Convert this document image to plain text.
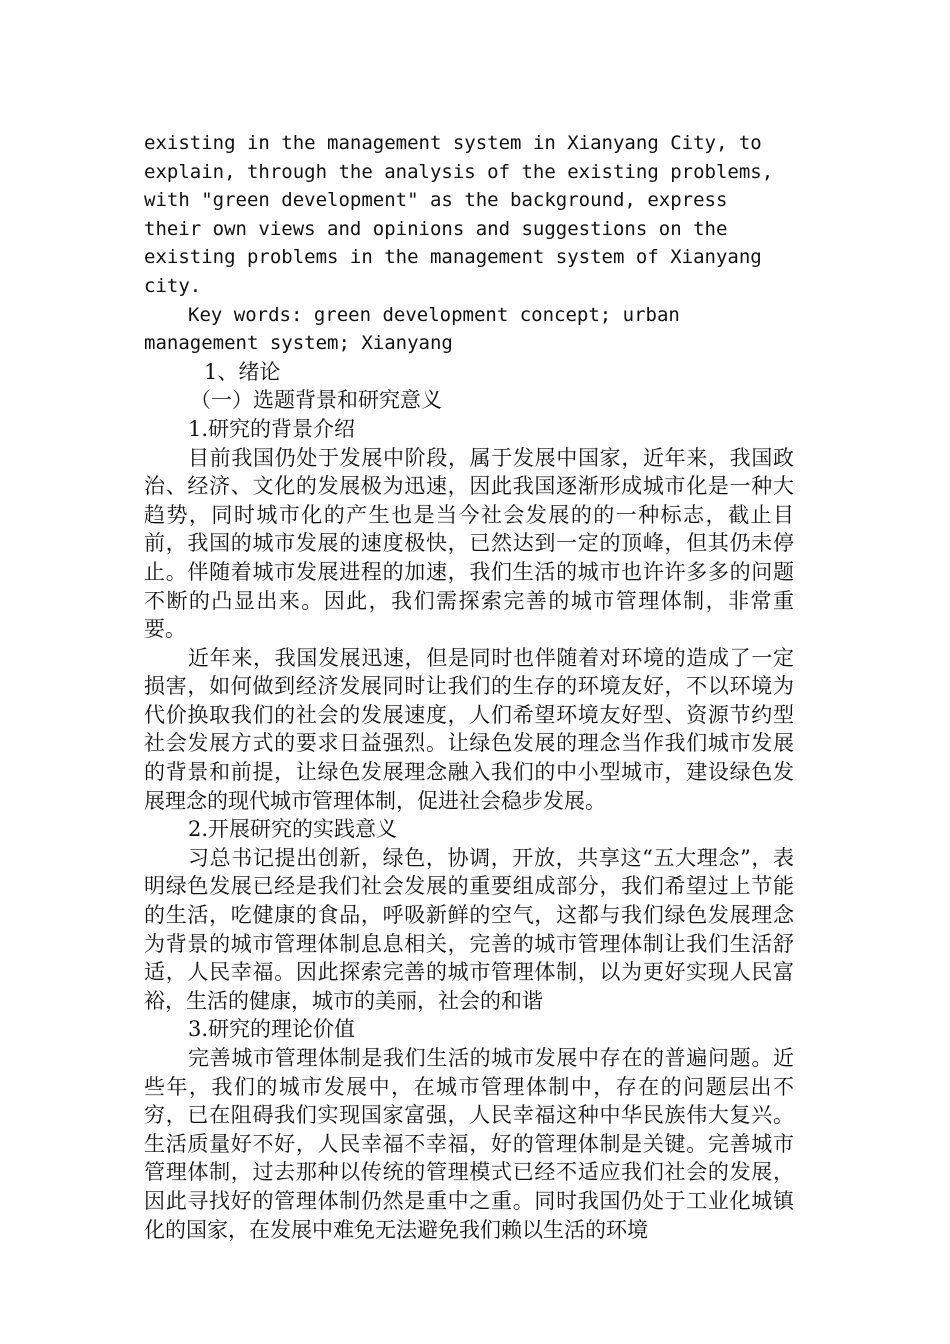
existing in the management system in Xianyang City, to explain, through the analysis of the existing problems, with "green development" as the background, express their own views and opinions and suggestions on the existing problems in the management system of Xianyang city.

Key words: green development concept; urban management system; Xianyang

1、绪论

（一）选题背景和研究意义

1.研究的背景介绍

目前我国仍处于发展中阶段，属于发展中国家，近年来，我国政治、经济、文化的发展极为迅速，因此我国逐渐形成城市化是一种大趋势，同时城市化的产生也是当今社会发展的的一种标志，截止目前，我国的城市发展的速度极快，已然达到一定的顶峰，但其仍未停止。伴随着城市发展进程的加速，我们生活的城市也许许多多的问题不断的凸显出来。因此，我们需探索完善的城市管理体制，非常重要。

近年来，我国发展迅速，但是同时也伴随着对环境的造成了一定损害，如何做到经济发展同时让我们的生存的环境友好，不以环境为代价换取我们的社会的发展速度，人们希望环境友好型、资源节约型社会发展方式的要求日益强烈。让绿色发展的理念当作我们城市发展的背景和前提，让绿色发展理念融入我们的中小型城市，建设绿色发展理念的现代城市管理体制，促进社会稳步发展。

2.开展研究的实践意义

习总书记提出创新，绿色，协调，开放，共享这“五大理念”，表明绿色发展已经是我们社会发展的重要组成部分，我们希望过上节能的生活，吃健康的食品，呼吸新鲜的空气，这都与我们绿色发展理念为背景的城市管理体制息息相关，完善的城市管理体制让我们生活舒适，人民幸福。因此探索完善的城市管理体制，以为更好实现人民富裕，生活的健康，城市的美丽，社会的和谐

3.研究的理论价值

完善城市管理体制是我们生活的城市发展中存在的普遍问题。近些年，我们的城市发展中，在城市管理体制中，存在的问题层出不穷，已在阻碍我们实现国家富强，人民幸福这种中华民族伟大复兴。生活质量好不好，人民幸福不幸福，好的管理体制是关键。完善城市管理体制，过去那种以传统的管理模式已经不适应我们社会的发展，因此寻找好的管理体制仍然是重中之重。同时我国仍处于工业化城镇化的国家，在发展中难免无法避免我们赖以生活的环境
